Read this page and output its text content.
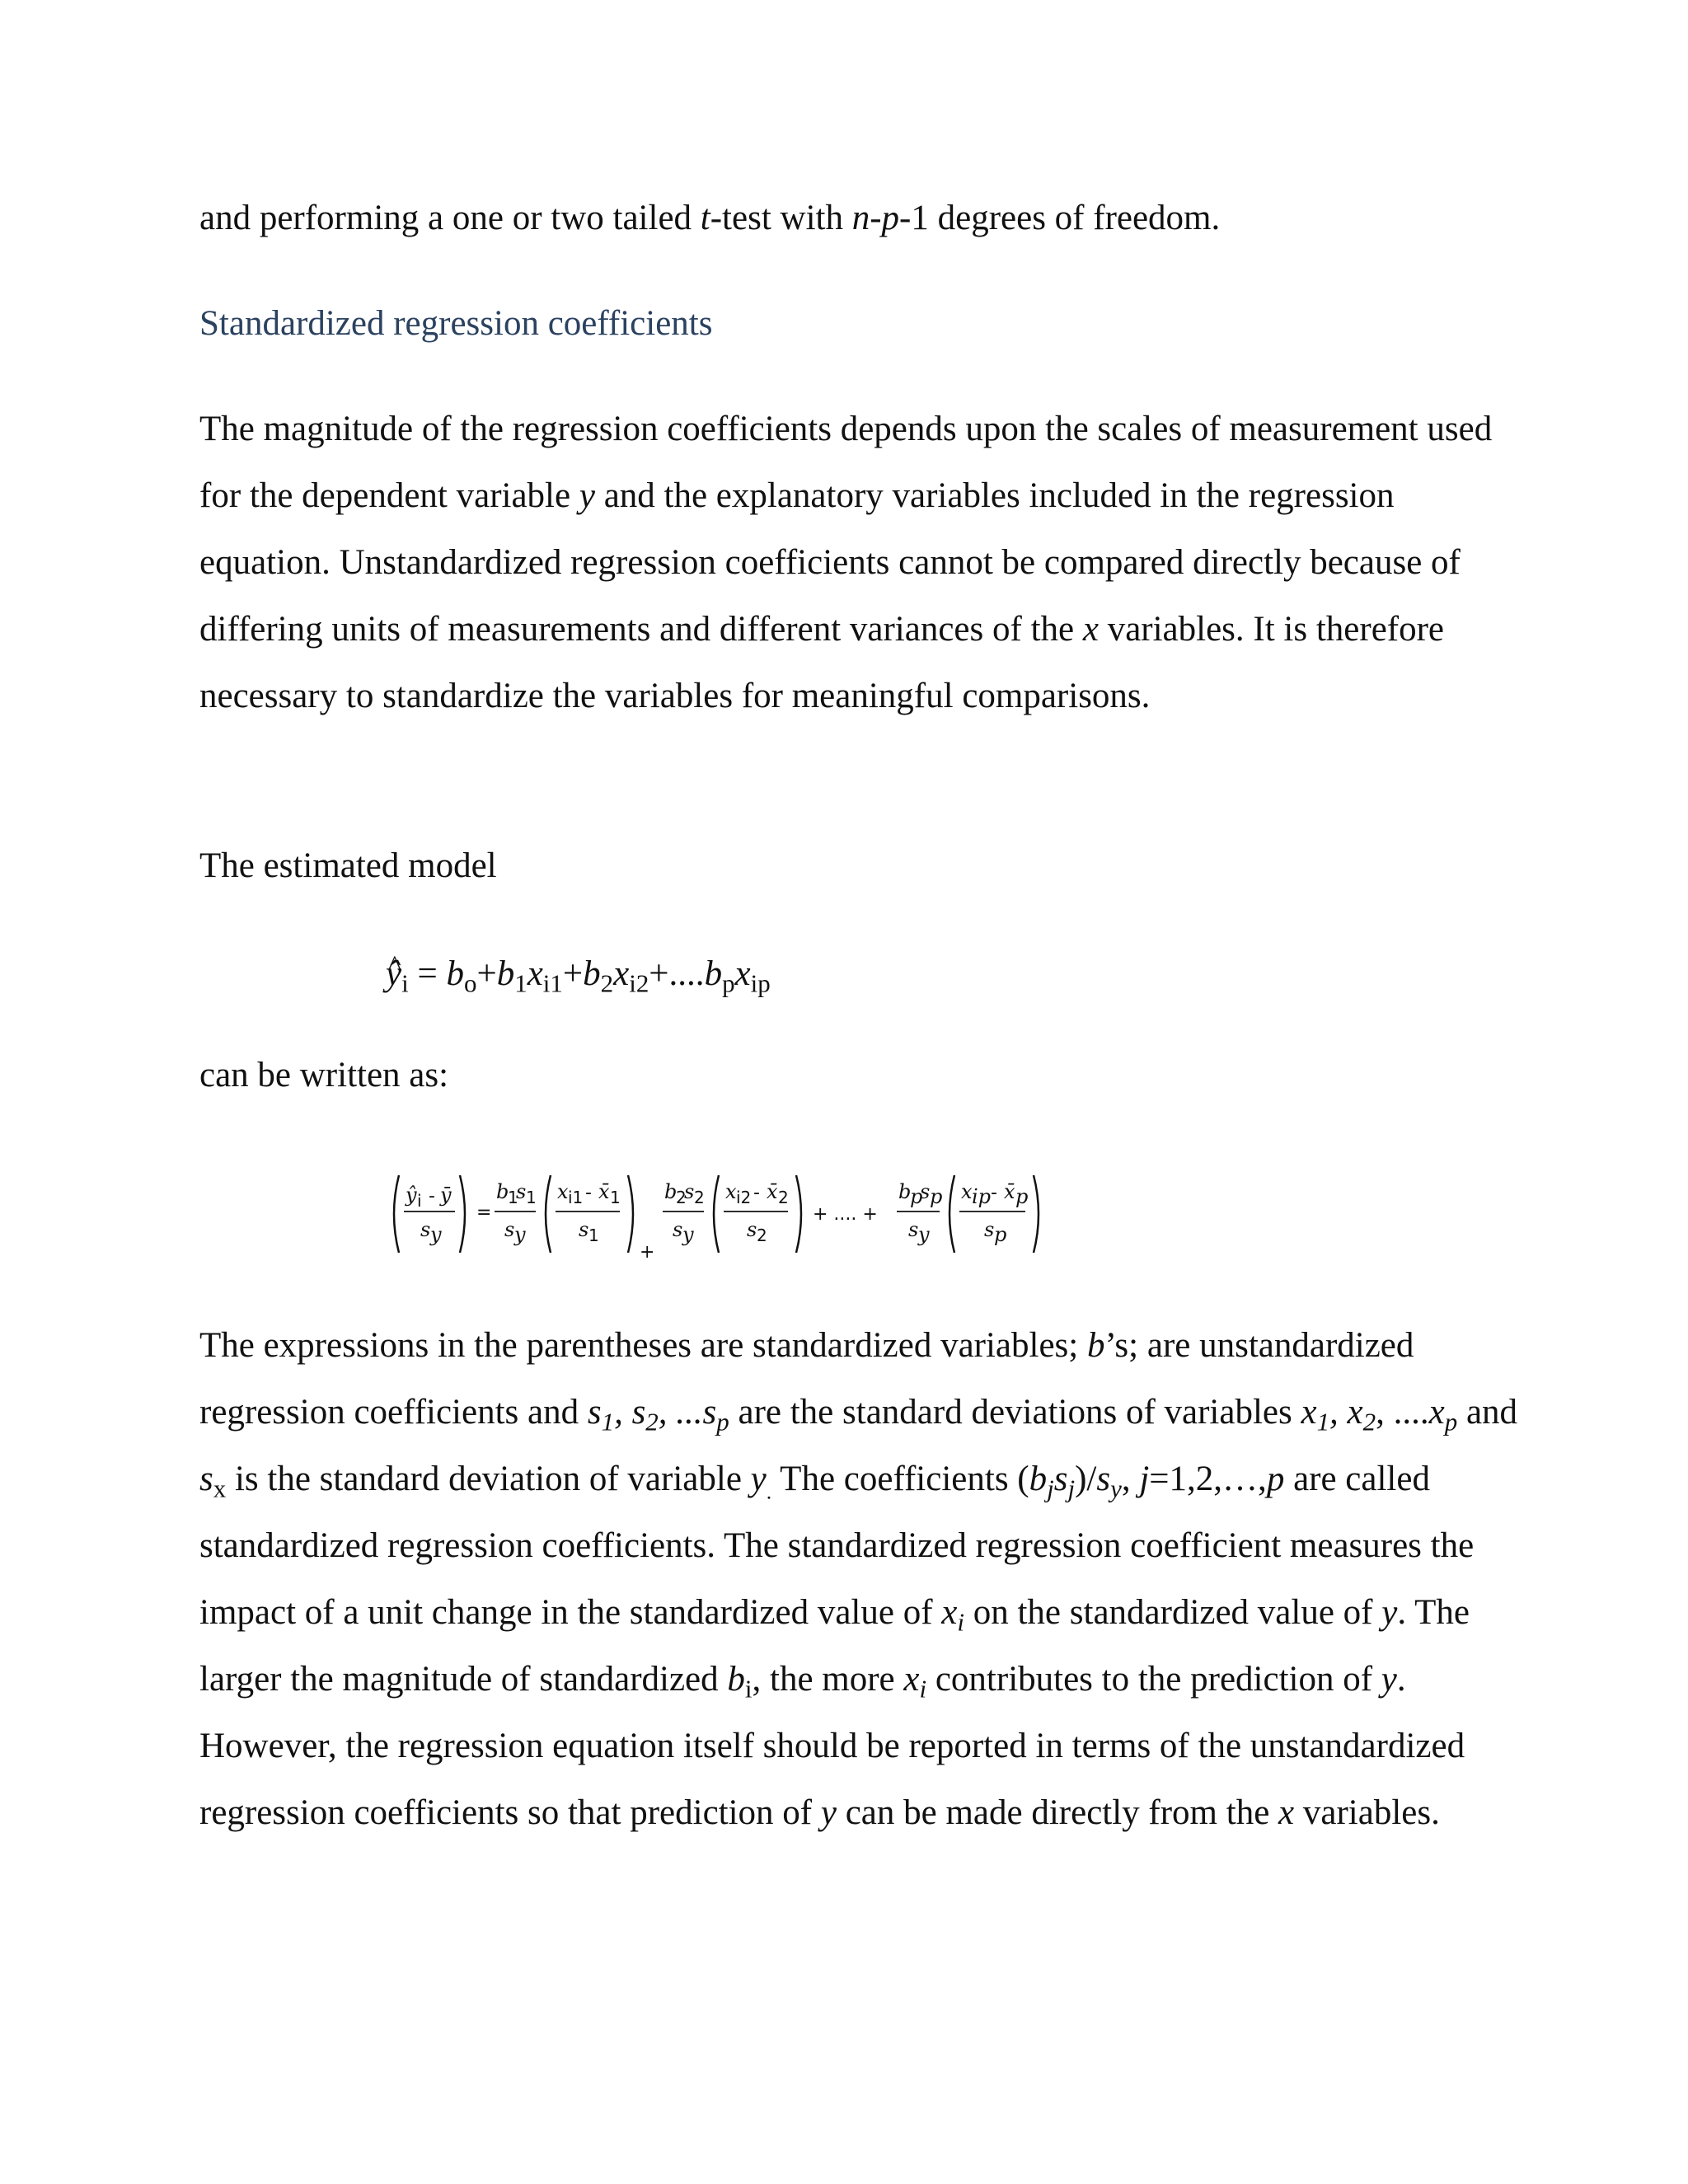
and performing a one or two tailed t-test with n-p-1 degrees of freedom.

Standardized regression coefficients

The magnitude of the regression coefficients depends upon the scales of measurement used for the dependent variable y and the explanatory variables included in the regression equation. Unstandardized regression coefficients cannot be compared directly because of differing units of measurements and different variances of the x variables. It is therefore necessary to standardize the variables for meaningful comparisons.

The estimated model

ŷ $\^{}_i = b_o+b_1x_{i1}+b_2x_{i2}+....b_px_{ip}$

can be written as:

ŷ i - ȳ
s y
=
b
1
s 1
s y
x i1 - x̄ 1
s 1
+
b
2
s 2
s y
x i2 - x̄ 2
s 2
+ .... +
b
p
s p
s y
x ip - x̄ p
s p

The expressions in the parentheses are standardized variables; b’s; are unstandardized regression coefficients and $s_1$, $s_2$, $...s_p$ are the standard deviations of variables $x_1$, $x_2$, $....x_p$ and $s_x$ is the standard deviation of variable $y_.$ The coefficients $(b_js_j)/s_y$, j=1,2,…,p are called standardized regression coefficients. The standardized regression coefficient measures the impact of a unit change in the standardized value of $x_i$ on the standardized value of y. The larger the magnitude of standardized $b_i$, the more $x_i$ contributes to the prediction of y. However, the regression equation itself should be reported in terms of the unstandardized regression coefficients so that prediction of y can be made directly from the x variables.
